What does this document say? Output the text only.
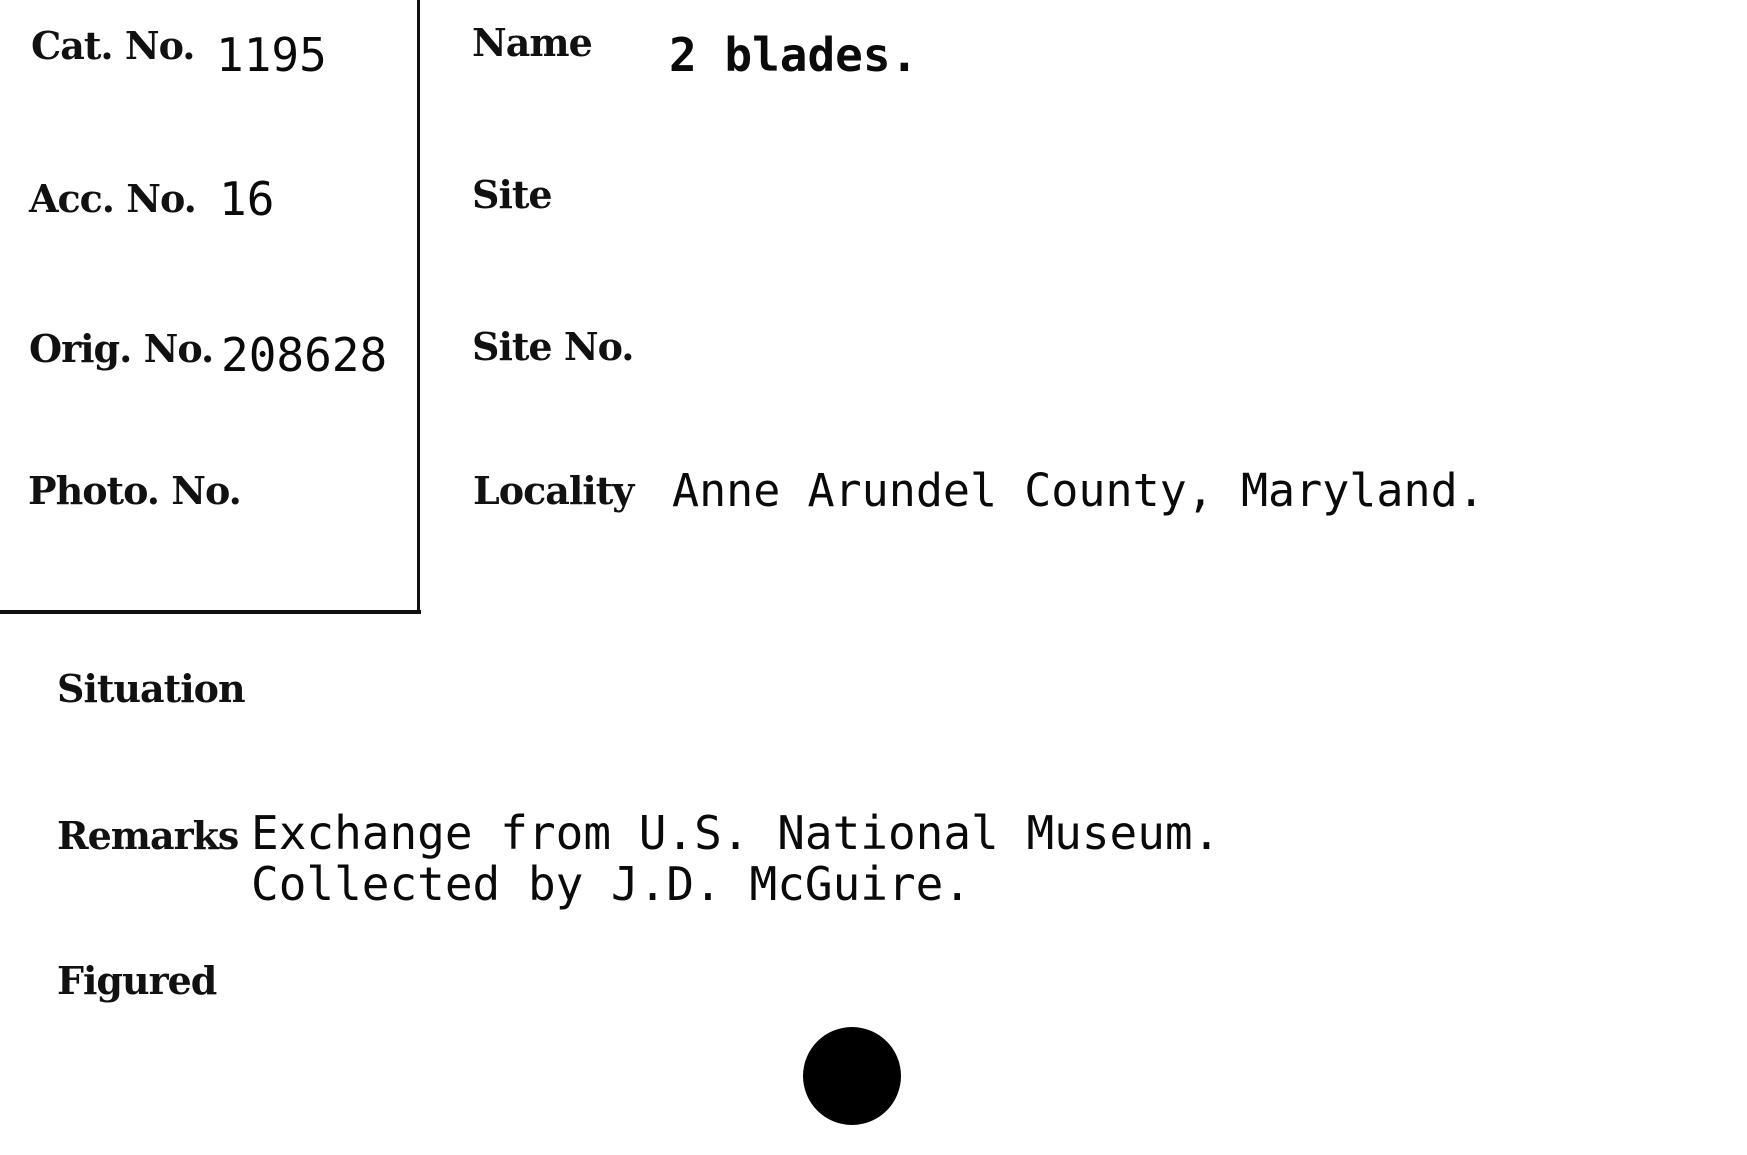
Cat. No. 1195
Acc. No. 16
Orig. No. 208628
Photo. No.
Name 2 blades.
Site
Site No.
Locality Anne Arundel County, Maryland.
Situation
Remarks Exchange from U.S. National Museum.
Collected by J.D. McGuire.
Figured
